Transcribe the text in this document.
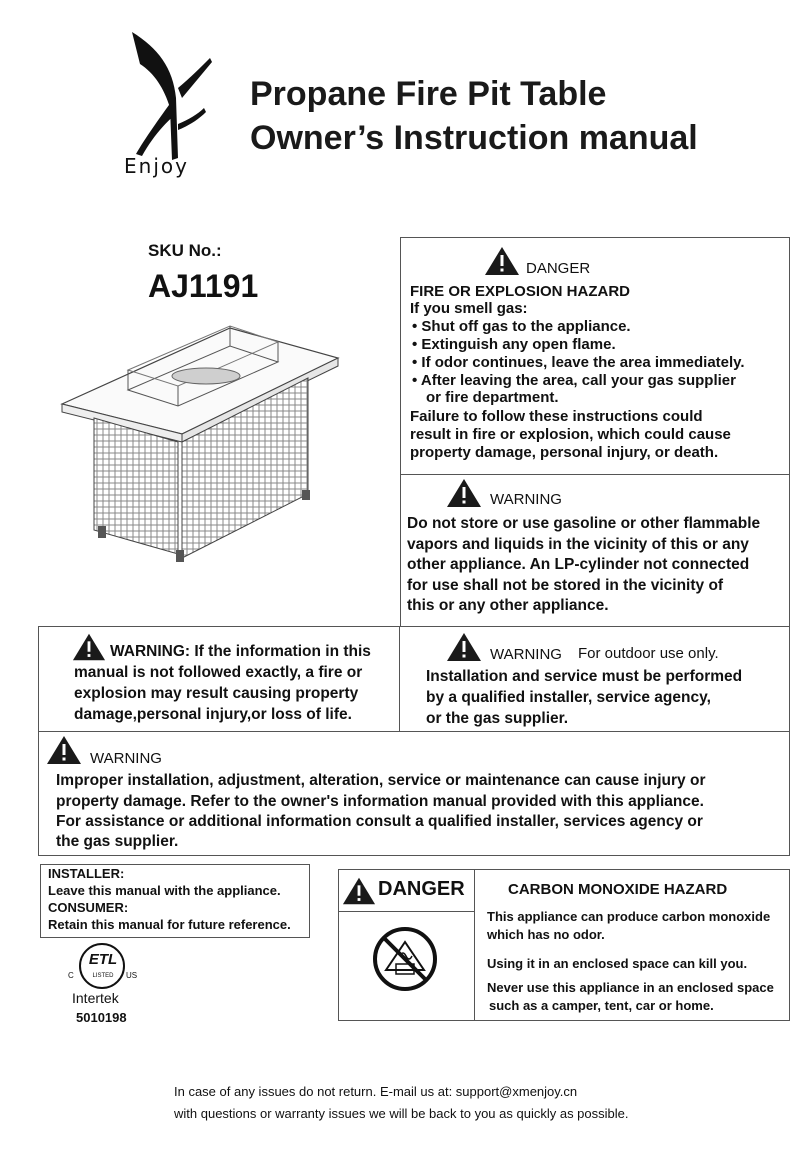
Enjoy
Propane Fire Pit Table
Owner’s Instruction manual
SKU No.:
AJ1191	DANGER
FIRE OR EXPLOSION HAZARD
If you smell gas:
• Shut off gas to the appliance.
• Extinguish any open flame.
• If odor continues, leave the area immediately.
• After leaving the area, call your gas supplier
or fire department.
Failure to follow these instructions could
result in fire or explosion, which could cause
property damage, personal injury, or death.
WARNING
Do not store or use gasoline or other flammable
vapors and liquids in the vicinity of this or any
other appliance. An LP-cylinder not connected
for use shall not be stored in the vicinity of
this or any other appliance.
WARNING: If the information in this
manual is not followed exactly, a fire or
explosion may result causing property
damage,personal injury,or loss of life.
WARNING For outdoor use only.
Installation and service must be performed
by a qualified installer, service agency,
or the gas supplier.
WARNING
Improper installation, adjustment, alteration, service or maintenance can cause injury or
property damage. Refer to the owner's information manual provided with this appliance.
For assistance or additional information consult a qualified installer, services agency or
the gas supplier.
INSTALLER:
Leave this manual with the appliance.
CONSUMER:
Retain this manual for future reference.
ETL
LISTED
C	US
Intertek
5010198
DANGER	CARBON MONOXIDE HAZARD
This appliance can produce carbon monoxide
which has no odor.
Using it in an enclosed space can kill you.
Never use this appliance in an enclosed space
such as a camper, tent, car or home.
In case of any issues do not return. E-mail us at: support@xmenjoy.cn
with questions or warranty issues we will be back to you as quickly as possible.
